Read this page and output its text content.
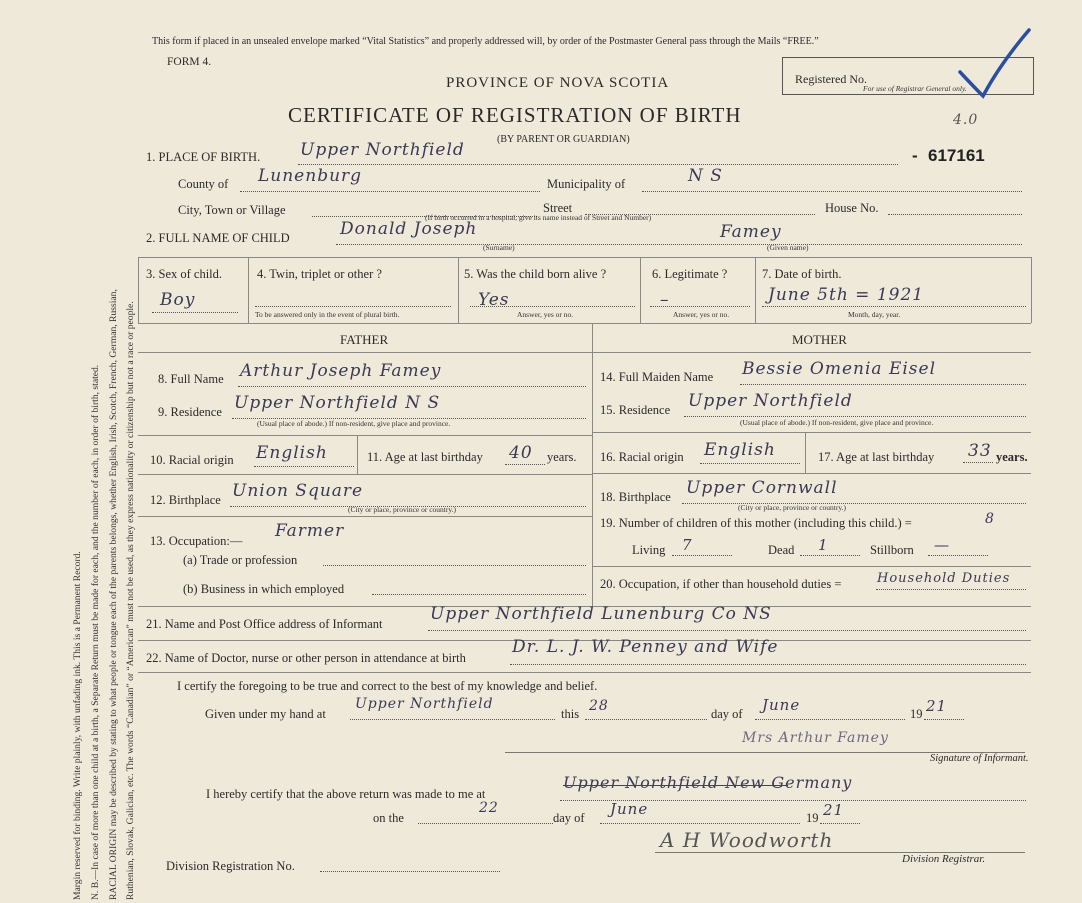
Margin reserved for binding. Write plainly, with unfading ink. This is a Permanent Record. N. B.—In case of more than one child at a birth, a Separate Return must be made for each, and the number of each, in order of birth, stated. RACIAL ORIGIN may be described by stating to what people or tongue each of the parents belongs, whether English, Irish, Scotch, French, German, Russian, Ruthenian, Slovak, Galician, etc. The words “Canadian” or “American” must not be used, as they express nationality or citizenship but not a race or people.
This form if placed in an unsealed envelope marked “Vital Statistics” and properly addressed will, by order of the Postmaster General pass through the Mails “FREE.”
FORM 4.
PROVINCE OF NOVA SCOTIA
CERTIFICATE OF REGISTRATION OF BIRTH
(BY PARENT OR GUARDIAN)
Registered No.
For use of Registrar General only.
4.0
- 617161
1. PLACE OF BIRTH. Upper Northfield
County of Lunenburg	Municipality of	N S
City, Town or Village	Street	House No.
(If birth occurred in a hospital, give its name instead of Street and Number)
2. FULL NAME OF CHILD	Donald Joseph	Famey
(Surname)	(Given name)
3. Sex of child.
Boy
4. Twin, triplet or other ?
To be answered only in the event of plural birth.
5. Was the child born alive ?
Yes
Answer, yes or no.
6. Legitimate ?
–
Answer, yes or no.
7. Date of birth.
June 5th = 1921
Month, day, year.
FATHER	MOTHER
8. Full Name Arthur Joseph Famey
9. Residence Upper Northfield N S
(Usual place of abode.) If non-resident, give place and province.
10. Racial origin English	11. Age at last birthday 40 years.
12. Birthplace Union Square
(City or place, province or country.)
13. Occupation:— Farmer
(a) Trade or profession
(b) Business in which employed
14. Full Maiden Name Bessie Omenia Eisel
15. Residence Upper Northfield
(Usual place of abode.) If non-resident, give place and province.
16. Racial origin English	17. Age at last birthday 33 years.
18. Birthplace Upper Cornwall
(City or place, province or country.)
19. Number of children of this mother (including this child.) =	8
Living 7	Dead 1	Stillborn —
20. Occupation, if other than household duties =	Household Duties
21. Name and Post Office address of Informant	Upper Northfield Lunenburg Co NS
22. Name of Doctor, nurse or other person in attendance at birth
Dr. L. J. W. Penney and Wife
I certify the foregoing to be true and correct to the best of my knowledge and belief.
Given under my hand at
Upper Northfield
this 28	day of June	19 21
Mrs Arthur Famey
Signature of Informant.
I hereby certify that the above return was made to me at
Upper Northfield New Germany
on the
22
day of June	19 21
A H Woodworth
Division Registrar.
Division Registration No.
